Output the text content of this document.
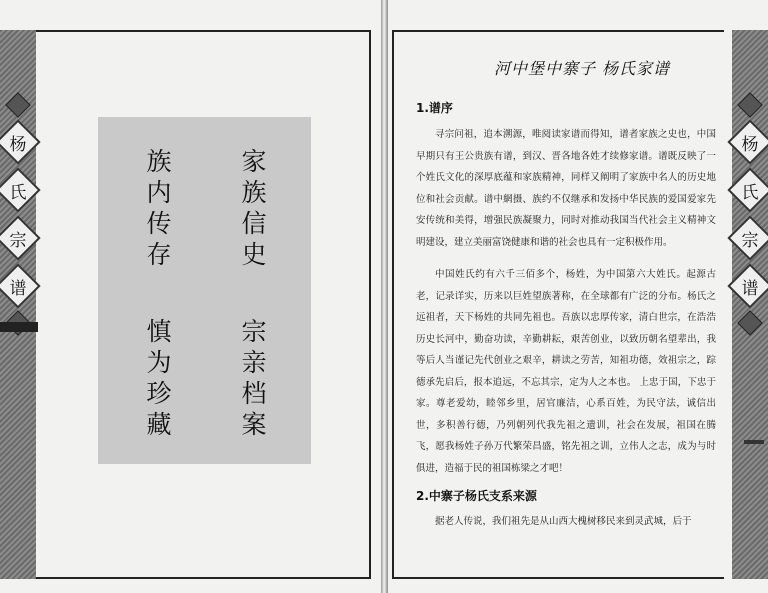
杨
氏
宗
谱
家族信史
宗亲档案
族内传存
慎为珍藏
杨
氏
宗
谱
河中堡中寨子 杨氏家谱
1.谱序
寻宗问祖，追本溯源，唯阅读家谱而得知，谱者家族之史也，中国早期只有王公贵族有谱，到汉、晋各地各姓才续修家谱。谱既反映了一个姓氏文化的深厚底蕴和家族精神，同样又阐明了家族中名人的历史地位和社会贡献。谱中網摄、族约不仅继承和发扬中华民族的爱国爱家先安传统和美得，增强民族凝聚力，同时对推动我国当代社会主义精神文明建设，建立美丽富饶健康和谐的社会也具有一定积极作用。
中国姓氏约有六千三佰多个，杨姓，为中国第六大姓氏。起源古老，记录详实，历来以巨姓望族著称，在全球都有广泛的分布。杨氏之远祖者，天下杨姓的共同先祖也。吾族以忠厚传家，清白世宗，在浩浩历史长河中，勤奋功读，辛勤耕耘，艰苦创业，以致历朝名望辈出，我等后人当谨记先代创业之艰辛，耕读之劳苦，知祖功德，效祖宗之，踪德承先启后，报本追远，不忘其宗，定为人之本也。 上忠于国，下忠于家。尊老爱幼，睦邻乡里，居官廉洁，心系百姓，为民守法，诚信出世，多积善行德，乃列朝列代我先祖之遗训，社会在发展，祖国在腾飞，愿我杨姓子孙万代繁荣昌盛，铭先祖之训，立伟人之志，成为与时俱进，造福于民的祖国栋梁之才吧！
2.中寨子杨氏支系来源
据老人传说，我们祖先是从山西大槐树移民来到灵武城，后于
